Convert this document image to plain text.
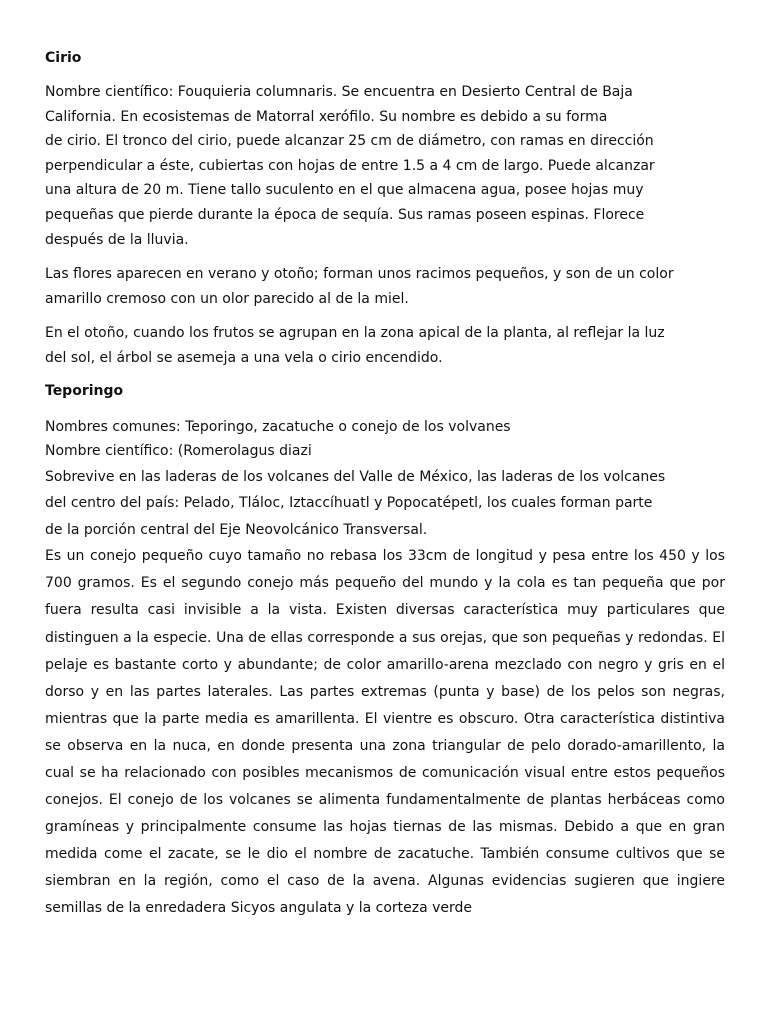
Cirio

Nombre científico: Fouquieria columnaris. Se encuentra en Desierto Central de Baja
California. En ecosistemas de Matorral xerófilo. Su nombre es debido a su forma
de cirio. El tronco del cirio, puede alcanzar 25 cm de diámetro, con ramas en dirección
perpendicular a éste, cubiertas con hojas de entre 1.5 a 4 cm de largo. Puede alcanzar
una altura de 20 m. Tiene tallo suculento en el que almacena agua, posee hojas muy
pequeñas que pierde durante la época de sequía. Sus ramas poseen espinas. Florece
después de la lluvia.

Las flores aparecen en verano y otoño; forman unos racimos pequeños, y son de un color
amarillo cremoso con un olor parecido al de la miel.

En el otoño, cuando los frutos se agrupan en la zona apical de la planta, al reflejar la luz
del sol, el árbol se asemeja a una vela o cirio encendido.

Teporingo

Nombres comunes: Teporingo, zacatuche o conejo de los volvanes
Nombre científico: (Romerolagus diazi

Sobrevive en las laderas de los volcanes del Valle de México, las laderas de los volcanes
del centro del país: Pelado, Tláloc, Iztaccíhuatl y Popocatépetl, los cuales forman parte
de la porción central del Eje Neovolcánico Transversal.

Es un conejo pequeño cuyo tamaño no rebasa los 33cm de longitud y pesa entre los 450 y los 700 gramos. Es el segundo conejo más pequeño del mundo y la cola es tan pequeña que por fuera resulta casi invisible a la vista. Existen diversas característica muy particulares que distinguen a la especie. Una de ellas corresponde a sus orejas, que son pequeñas y redondas. El pelaje es bastante corto y abundante; de color amarillo-arena mezclado con negro y gris en el dorso y en las partes laterales. Las partes extremas (punta y base) de los pelos son negras, mientras que la parte media es amarillenta. El vientre es obscuro. Otra característica distintiva se observa en la nuca, en donde presenta una zona triangular de pelo dorado-amarillento, la cual se ha relacionado con posibles mecanismos de comunicación visual entre estos pequeños conejos. El conejo de los volcanes se alimenta fundamentalmente de plantas herbáceas como gramíneas y principalmente consume las hojas tiernas de las mismas. Debido a que en gran medida come el zacate, se le dio el nombre de zacatuche. También consume cultivos que se siembran en la región, como el caso de la avena. Algunas evidencias sugieren que ingiere semillas de la enredadera Sicyos angulata y la corteza verde
